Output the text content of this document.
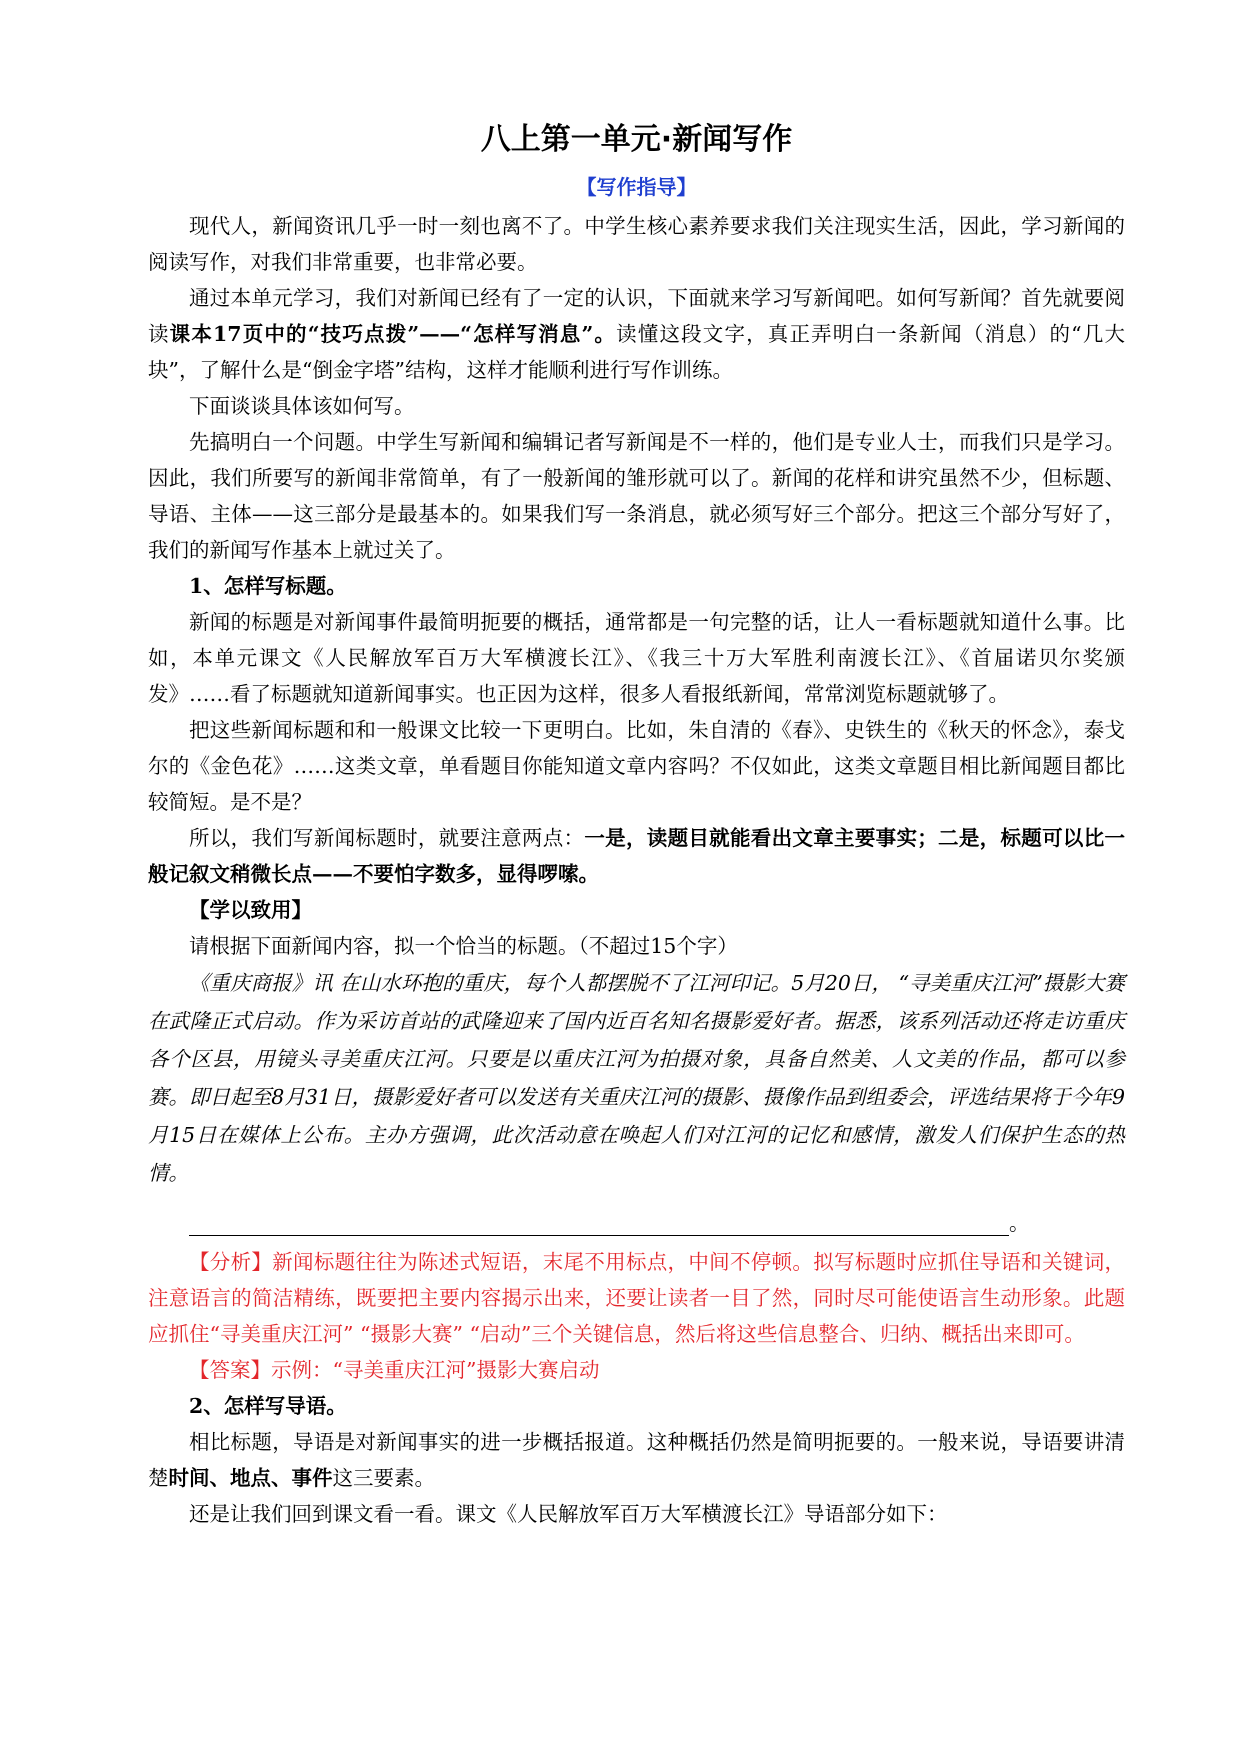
八上第一单元·新闻写作
【写作指导】

现代人，新闻资讯几乎一时一刻也离不了。中学生核心素养要求我们关注现实生活，因此，学习新闻的阅读写作，对我们非常重要，也非常必要。

通过本单元学习，我们对新闻已经有了一定的认识，下面就来学习写新闻吧。如何写新闻？首先就要阅读课本17页中的“技巧点拨”——“怎样写消息”。读懂这段文字，真正弄明白一条新闻（消息）的“几大块”，了解什么是“倒金字塔”结构，这样才能顺利进行写作训练。

下面谈谈具体该如何写。

先搞明白一个问题。中学生写新闻和编辑记者写新闻是不一样的，他们是专业人士，而我们只是学习。因此，我们所要写的新闻非常简单，有了一般新闻的雏形就可以了。新闻的花样和讲究虽然不少，但标题、导语、主体——这三部分是最基本的。如果我们写一条消息，就必须写好三个部分。把这三个部分写好了，我们的新闻写作基本上就过关了。

1、怎样写标题。

新闻的标题是对新闻事件最简明扼要的概括，通常都是一句完整的话，让人一看标题就知道什么事。比如，本单元课文《人民解放军百万大军横渡长江》、《我三十万大军胜利南渡长江》、《首届诺贝尔奖颁发》……看了标题就知道新闻事实。也正因为这样，很多人看报纸新闻，常常浏览标题就够了。

把这些新闻标题和和一般课文比较一下更明白。比如，朱自清的《春》、史铁生的《秋天的怀念》，泰戈尔的《金色花》……这类文章，单看题目你能知道文章内容吗？不仅如此，这类文章题目相比新闻题目都比较简短。是不是？

所以，我们写新闻标题时，就要注意两点：一是，读题目就能看出文章主要事实；二是，标题可以比一般记叙文稍微长点——不要怕字数多，显得啰嗦。

【学以致用】

请根据下面新闻内容，拟一个恰当的标题。（不超过15个字）

《重庆商报》讯 在山水环抱的重庆，每个人都摆脱不了江河印记。5月20日， “寻美重庆江河”摄影大赛在武隆正式启动。作为采访首站的武隆迎来了国内近百名知名摄影爱好者。据悉，该系列活动还将走访重庆各个区县，用镜头寻美重庆江河。只要是以重庆江河为拍摄对象，具备自然美、人文美的作品，都可以参赛。即日起至8月31日，摄影爱好者可以发送有关重庆江河的摄影、摄像作品到组委会，评选结果将于今年9月15日在媒体上公布。主办方强调，此次活动意在唤起人们对江河的记忆和感情，激发人们保护生态的热情。

。

【分析】新闻标题往往为陈述式短语，末尾不用标点，中间不停顿。拟写标题时应抓住导语和关键词，注意语言的简洁精练，既要把主要内容揭示出来，还要让读者一目了然，同时尽可能使语言生动形象。此题应抓住“寻美重庆江河” “摄影大赛” “启动”三个关键信息，然后将这些信息整合、归纳、概括出来即可。

【答案】示例：“寻美重庆江河”摄影大赛启动

2、怎样写导语。

相比标题，导语是对新闻事实的进一步概括报道。这种概括仍然是简明扼要的。一般来说，导语要讲清楚时间、地点、事件这三要素。

还是让我们回到课文看一看。课文《人民解放军百万大军横渡长江》导语部分如下：
